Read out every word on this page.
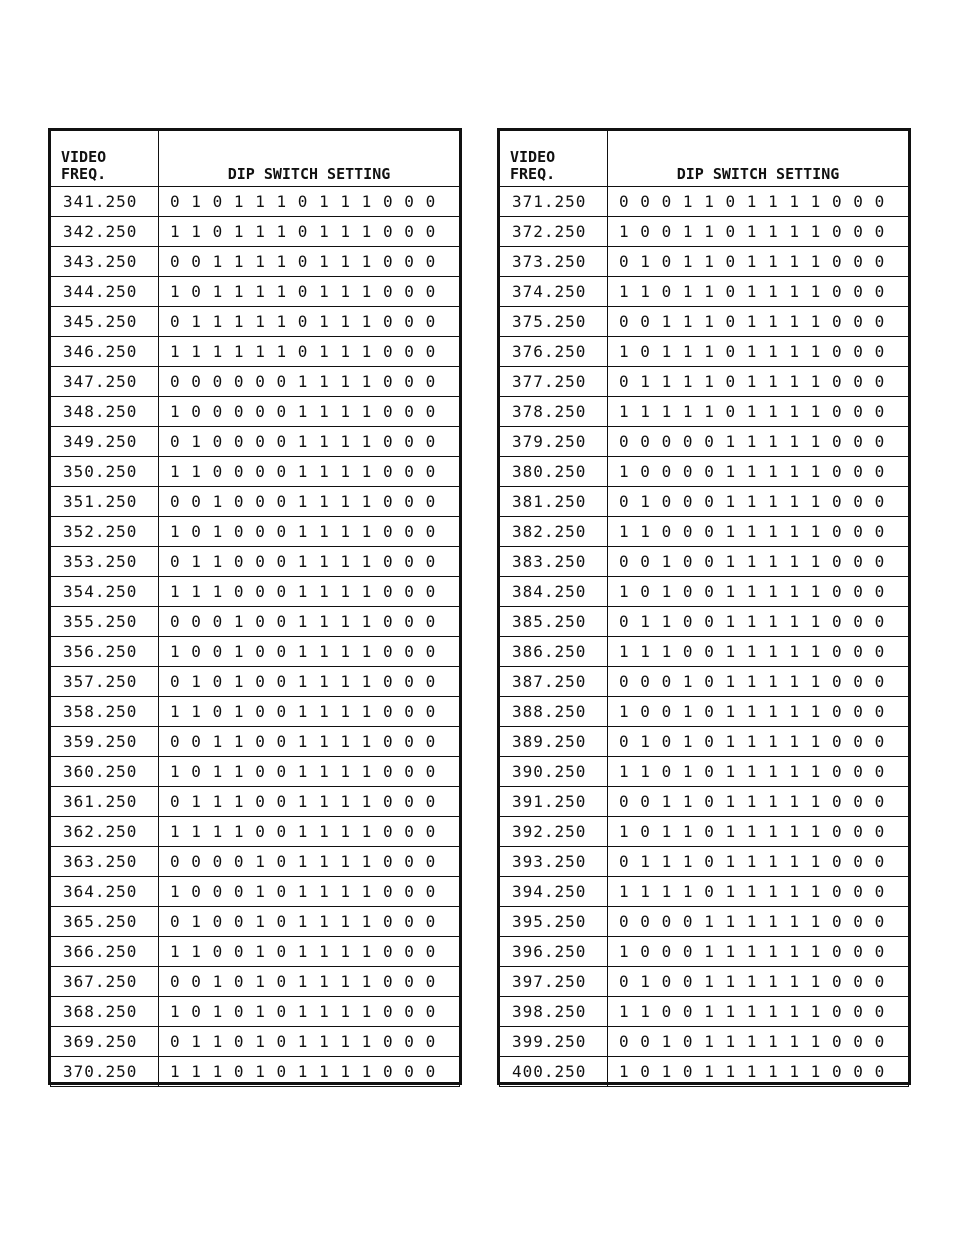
VIDEO
FREQ.	DIP SWITCH SETTING
341.250	0 1 0 1 1 1 0 1 1 1 0 0 0
342.250	1 1 0 1 1 1 0 1 1 1 0 0 0
343.250	0 0 1 1 1 1 0 1 1 1 0 0 0
344.250	1 0 1 1 1 1 0 1 1 1 0 0 0
345.250	0 1 1 1 1 1 0 1 1 1 0 0 0
346.250	1 1 1 1 1 1 0 1 1 1 0 0 0
347.250	0 0 0 0 0 0 1 1 1 1 0 0 0
348.250	1 0 0 0 0 0 1 1 1 1 0 0 0
349.250	0 1 0 0 0 0 1 1 1 1 0 0 0
350.250	1 1 0 0 0 0 1 1 1 1 0 0 0
351.250	0 0 1 0 0 0 1 1 1 1 0 0 0
352.250	1 0 1 0 0 0 1 1 1 1 0 0 0
353.250	0 1 1 0 0 0 1 1 1 1 0 0 0
354.250	1 1 1 0 0 0 1 1 1 1 0 0 0
355.250	0 0 0 1 0 0 1 1 1 1 0 0 0
356.250	1 0 0 1 0 0 1 1 1 1 0 0 0
357.250	0 1 0 1 0 0 1 1 1 1 0 0 0
358.250	1 1 0 1 0 0 1 1 1 1 0 0 0
359.250	0 0 1 1 0 0 1 1 1 1 0 0 0
360.250	1 0 1 1 0 0 1 1 1 1 0 0 0
361.250	0 1 1 1 0 0 1 1 1 1 0 0 0
362.250	1 1 1 1 0 0 1 1 1 1 0 0 0
363.250	0 0 0 0 1 0 1 1 1 1 0 0 0
364.250	1 0 0 0 1 0 1 1 1 1 0 0 0
365.250	0 1 0 0 1 0 1 1 1 1 0 0 0
366.250	1 1 0 0 1 0 1 1 1 1 0 0 0
367.250	0 0 1 0 1 0 1 1 1 1 0 0 0
368.250	1 0 1 0 1 0 1 1 1 1 0 0 0
369.250	0 1 1 0 1 0 1 1 1 1 0 0 0
370.250	1 1 1 0 1 0 1 1 1 1 0 0 0
VIDEO
FREQ.	DIP SWITCH SETTING
371.250	0 0 0 1 1 0 1 1 1 1 0 0 0
372.250	1 0 0 1 1 0 1 1 1 1 0 0 0
373.250	0 1 0 1 1 0 1 1 1 1 0 0 0
374.250	1 1 0 1 1 0 1 1 1 1 0 0 0
375.250	0 0 1 1 1 0 1 1 1 1 0 0 0
376.250	1 0 1 1 1 0 1 1 1 1 0 0 0
377.250	0 1 1 1 1 0 1 1 1 1 0 0 0
378.250	1 1 1 1 1 0 1 1 1 1 0 0 0
379.250	0 0 0 0 0 1 1 1 1 1 0 0 0
380.250	1 0 0 0 0 1 1 1 1 1 0 0 0
381.250	0 1 0 0 0 1 1 1 1 1 0 0 0
382.250	1 1 0 0 0 1 1 1 1 1 0 0 0
383.250	0 0 1 0 0 1 1 1 1 1 0 0 0
384.250	1 0 1 0 0 1 1 1 1 1 0 0 0
385.250	0 1 1 0 0 1 1 1 1 1 0 0 0
386.250	1 1 1 0 0 1 1 1 1 1 0 0 0
387.250	0 0 0 1 0 1 1 1 1 1 0 0 0
388.250	1 0 0 1 0 1 1 1 1 1 0 0 0
389.250	0 1 0 1 0 1 1 1 1 1 0 0 0
390.250	1 1 0 1 0 1 1 1 1 1 0 0 0
391.250	0 0 1 1 0 1 1 1 1 1 0 0 0
392.250	1 0 1 1 0 1 1 1 1 1 0 0 0
393.250	0 1 1 1 0 1 1 1 1 1 0 0 0
394.250	1 1 1 1 0 1 1 1 1 1 0 0 0
395.250	0 0 0 0 1 1 1 1 1 1 0 0 0
396.250	1 0 0 0 1 1 1 1 1 1 0 0 0
397.250	0 1 0 0 1 1 1 1 1 1 0 0 0
398.250	1 1 0 0 1 1 1 1 1 1 0 0 0
399.250	0 0 1 0 1 1 1 1 1 1 0 0 0
400.250	1 0 1 0 1 1 1 1 1 1 0 0 0
